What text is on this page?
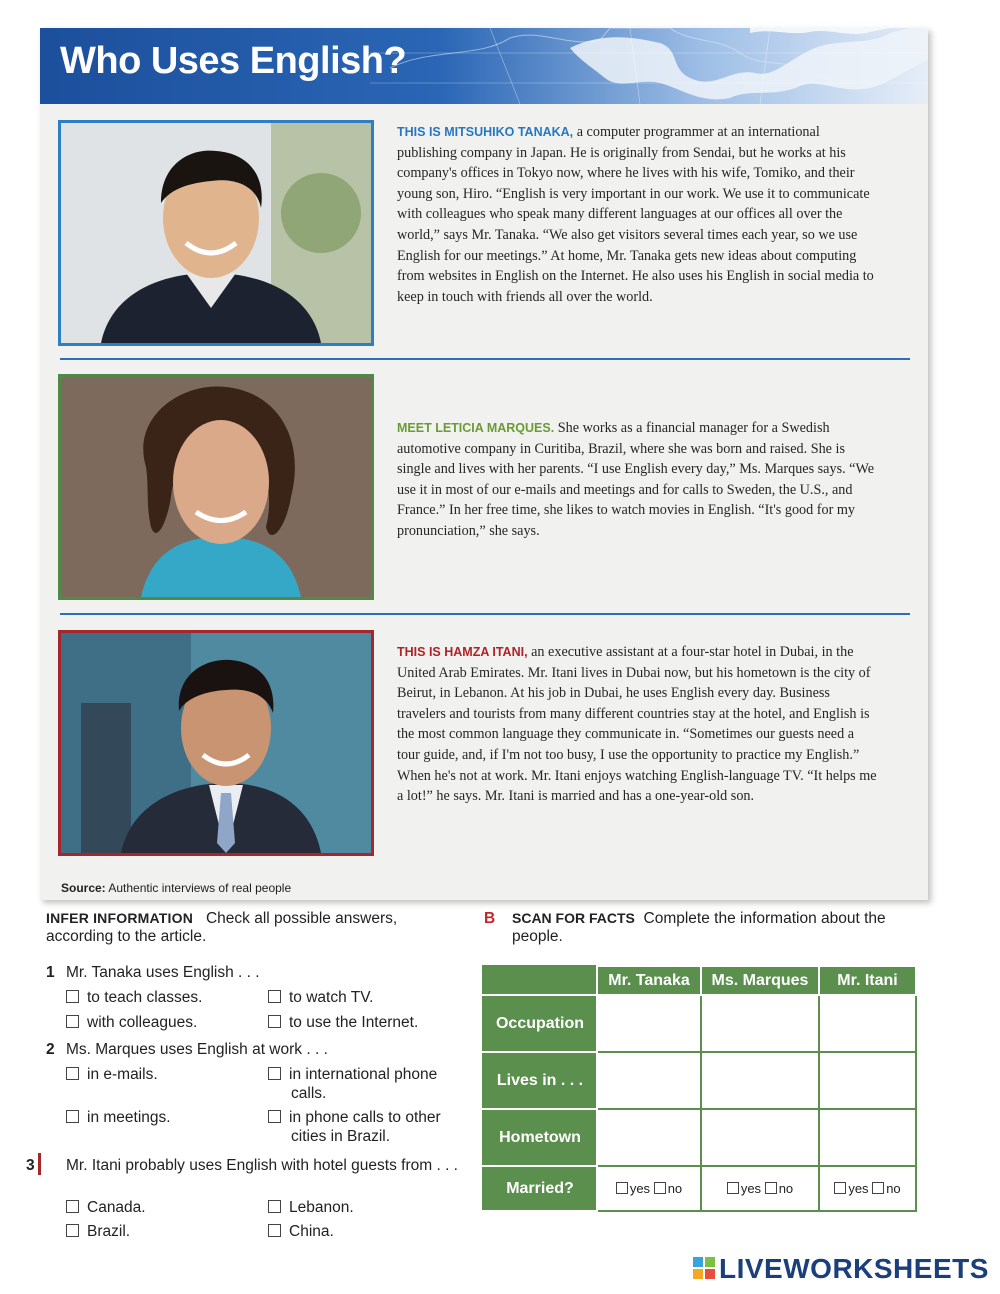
Who Uses English?
THIS IS MITSUHIKO TANAKA, a computer programmer at an international publishing company in Japan. He is originally from Sendai, but he works at his company's offices in Tokyo now, where he lives with his wife, Tomiko, and their young son, Hiro. “English is very important in our work. We use it to communicate with colleagues who speak many different languages at our offices all over the world,” says Mr. Tanaka. “We also get visitors several times each year, so we use English for our meetings.” At home, Mr. Tanaka gets new ideas about computing from websites in English on the Internet. He also uses his English in social media to keep in touch with friends all over the world.
MEET LETICIA MARQUES. She works as a financial manager for a Swedish automotive company in Curitiba, Brazil, where she was born and raised. She is single and lives with her parents. “I use English every day,” Ms. Marques says. “We use it in most of our e-mails and meetings and for calls to Sweden, the U.S., and France.” In her free time, she likes to watch movies in English. “It's good for my pronunciation,” she says.
THIS IS HAMZA ITANI, an executive assistant at a four-star hotel in Dubai, in the United Arab Emirates. Mr. Itani lives in Dubai now, but his hometown is the city of Beirut, in Lebanon. At his job in Dubai, he uses English every day. Business travelers and tourists from many different countries stay at the hotel, and English is the most common language they communicate in. “Sometimes our guests need a tour guide, and, if I'm not too busy, I use the opportunity to practice my English.” When he's not at work. Mr. Itani enjoys watching English-language TV. “It helps me a lot!” he says. Mr. Itani is married and has a one-year-old son.
Source: Authentic interviews of real people
INFER INFORMATION Check all possible answers, according to the article.
1 Mr. Tanaka uses English . . .
to teach classes.	to watch TV.
with colleagues.	to use the Internet.
2 Ms. Marques uses English at work . . .
in e-mails.	in international phone calls.
in meetings.	in phone calls to other cities in Brazil.
3 Mr. Itani probably uses English with hotel guests from . . .
Canada.	Lebanon.
Brazil.	China.
B SCAN FOR FACTS Complete the information about the people.
	Mr. Tanaka	Ms. Marques	Mr. Itani
Occupation			
Lives in . . .			
Hometown			
Married?	yes no	yes no	yes no
LIVEWORKSHEETS
